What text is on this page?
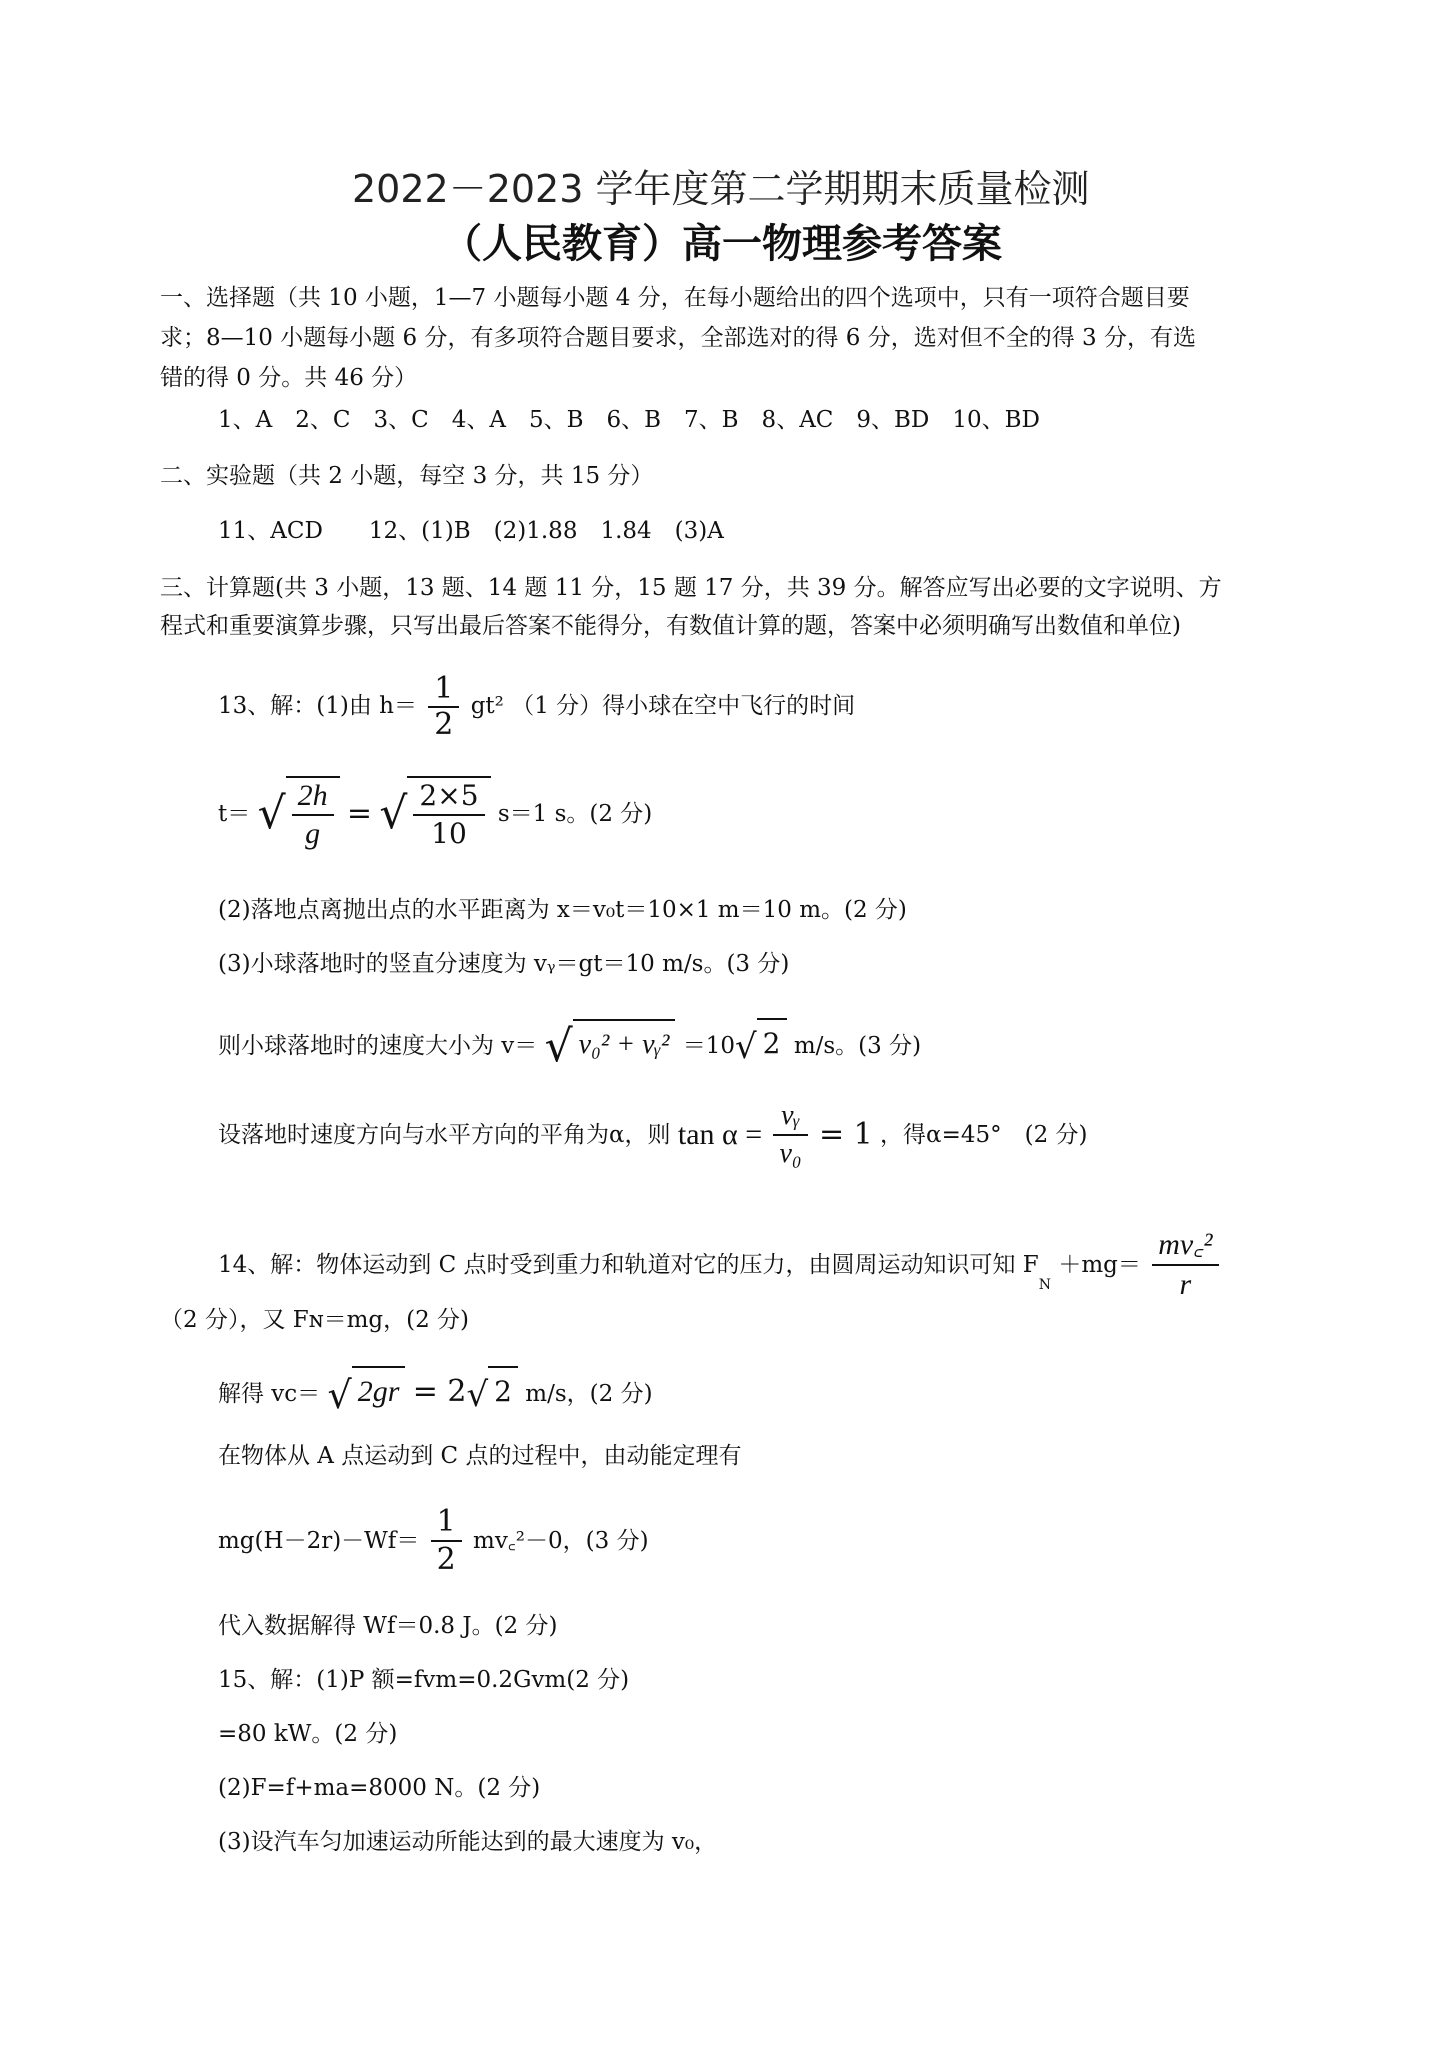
2022－2023 学年度第二学期期末质量检测
（人民教育）高一物理参考答案
一、选择题（共 10 小题，1—7 小题每小题 4 分，在每小题给出的四个选项中，只有一项符合题目要
求；8—10 小题每小题 6 分，有多项符合题目要求，全部选对的得 6 分，选对但不全的得 3 分，有选
错的得 0 分。共 46 分）
1、A　2、C　3、C　4、A　5、B　6、B　7、B　8、AC　9、BD　10、BD
二、实验题（共 2 小题，每空 3 分，共 15 分）
11、ACD　　12、(1)B　(2)1.88　1.84　(3)A
三、计算题(共 3 小题，13 题、14 题 11 分，15 题 17 分，共 39 分。解答应写出必要的文字说明、方
程式和重要演算步骤，只写出最后答案不能得分，有数值计算的题，答案中必须明确写出数值和单位)
13、解：(1)由 $h= \frac{1}{2} gt^2$ （1 分）得小球在空中飞行的时间
t＝ √ $\frac{2h}{g}$ = √ $\frac{2\times 5}{10} s=1$ s。(2 分)
(2)落地点离抛出点的水平距离为 x＝v₀t＝10×1 m＝10 m。(2 分)
(3)小球落地时的竖直分速度为 vᵧ＝gt＝10 m/s。(3 分)
则小球落地时的速度大小为 v＝ √ v₀² + vᵧ² ＝10√ 2 m/s。(3 分)
设落地时速度方向与水平方向的平角为α，则 $\tan \alpha = \frac{\text{vᵧ}}{\text{v₀}} = 1$ ，得α=45°　(2 分)
14、解：物体运动到 C 点时受到重力和轨道对它的压力，由圆周运动知识可知 $F_N +mg= \frac{\text{mv꜀²}}{r}$
（2 分），又 Fɴ＝mg，(2 分)
解得 vc＝ √ 2gr = 2√ 2 m/s，(2 分)
在物体从 A 点运动到 C 点的过程中，由动能定理有
$mg(H-2r)-Wf= \frac{1}{2}$ mv꜀²－0，(3 分)
代入数据解得 Wf＝0.8 J。(2 分)
15、解：(1)P 额=fvm=0.2Gvm(2 分)
=80 kW。(2 分)
(2)F=f+ma=8000 N。(2 分)
(3)设汽车匀加速运动所能达到的最大速度为 v₀，
